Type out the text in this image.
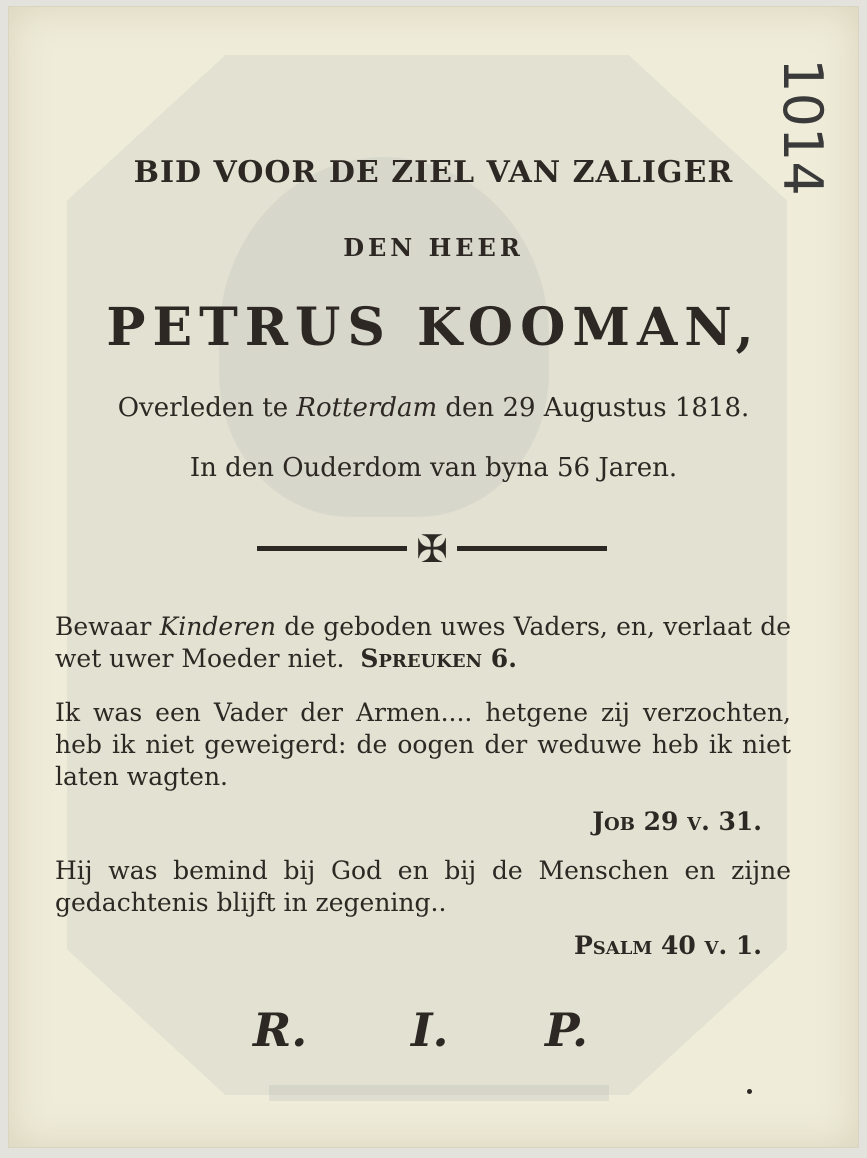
1014
BID VOOR DE ZIEL VAN ZALIGER
DEN HEER
PETRUS KOOMAN,
Overleden te Rotterdam den 29 Augustus 1818.
In den Ouderdom van byna 56 Jaren.
✠
Bewaar Kinderen de geboden uwes Vaders, en, verlaat de wet uwer Moeder niet. Spreuken 6.
Ik was een Vader der Armen.... hetgene zij verzochten, heb ik niet geweigerd: de oogen der weduwe heb ik niet laten wagten.
Job 29 v. 31.
Hij was bemind bij God en bij de Menschen en zijne gedachtenis blijft in zegening..
Psalm 40 v. 1.
R. I. P.
